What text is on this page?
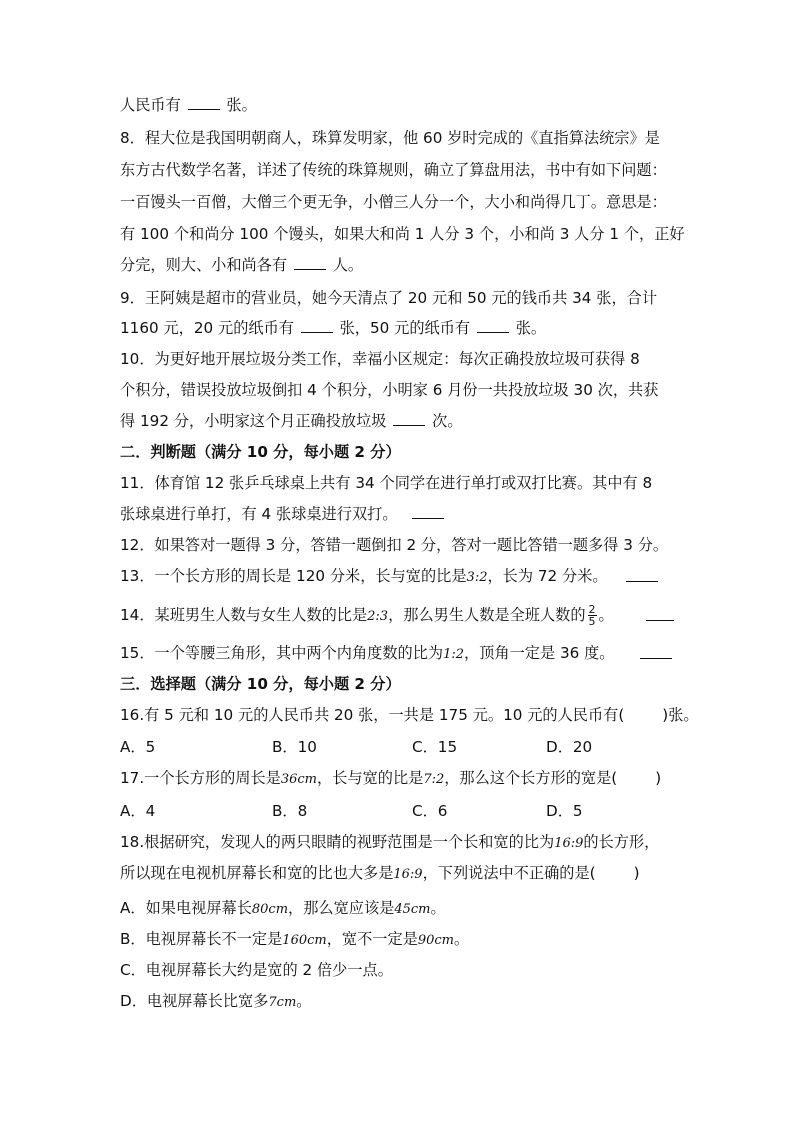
人民币有	张。
8．程大位是我国明朝商人，珠算发明家，他 60 岁时完成的《直指算法统宗》是
东方古代数学名著，详述了传统的珠算规则，确立了算盘用法，书中有如下问题：
一百馒头一百僧，大僧三个更无争，小僧三人分一个，大小和尚得几丁。意思是：
有 100 个和尚分 100 个馒头，如果大和尚 1 人分 3 个，小和尚 3 人分 1 个，正好
分完，则大、小和尚各有	人。
9．王阿姨是超市的营业员，她今天清点了 20 元和 50 元的钱币共 34 张，合计
1160 元，20 元的纸币有	张，50 元的纸币有	张。
10．为更好地开展垃圾分类工作，幸福小区规定：每次正确投放垃圾可获得 8
个积分，错误投放垃圾倒扣 4 个积分，小明家 6 月份一共投放垃圾 30 次，共获
得 192 分，小明家这个月正确投放垃圾	次。
二．判断题（满分 10 分，每小题 2 分）
11．体育馆 12 张乒乓球桌上共有 34 个同学在进行单打或双打比赛。其中有 8
张球桌进行单打，有 4 张球桌进行双打。
12．如果答对一题得 3 分，答错一题倒扣 2 分，答对一题比答错一题多得 3 分。
13．一个长方形的周长是 120 分米，长与宽的比是3:2，长为 72 分米。
14．某班男生人数与女生人数的比是2:3，那么男生人数是全班人数的 $\frac{2}{5}$ 。
15．一个等腰三角形，其中两个内角度数的比为1:2，顶角一定是 36 度。
三．选择题（满分 10 分，每小题 2 分）
16.有 5 元和 10 元的人民币共 20 张，一共是 175 元。10 元的人民币有(	)张。
A．5	B．10	C．15	D．20
17.一个长方形的周长是36cm，长与宽的比是7:2，那么这个长方形的宽是(	)
A．4	B．8	C．6	D．5
18.根据研究，发现人的两只眼睛的视野范围是一个长和宽的比为16:9的长方形，
所以现在电视机屏幕长和宽的比也大多是16:9，下列说法中不正确的是(	)
A．如果电视屏幕长80cm，那么宽应该是45cm。
B．电视屏幕长不一定是160cm，宽不一定是90cm。
C．电视屏幕长大约是宽的 2 倍少一点。
D．电视屏幕长比宽多7cm。
